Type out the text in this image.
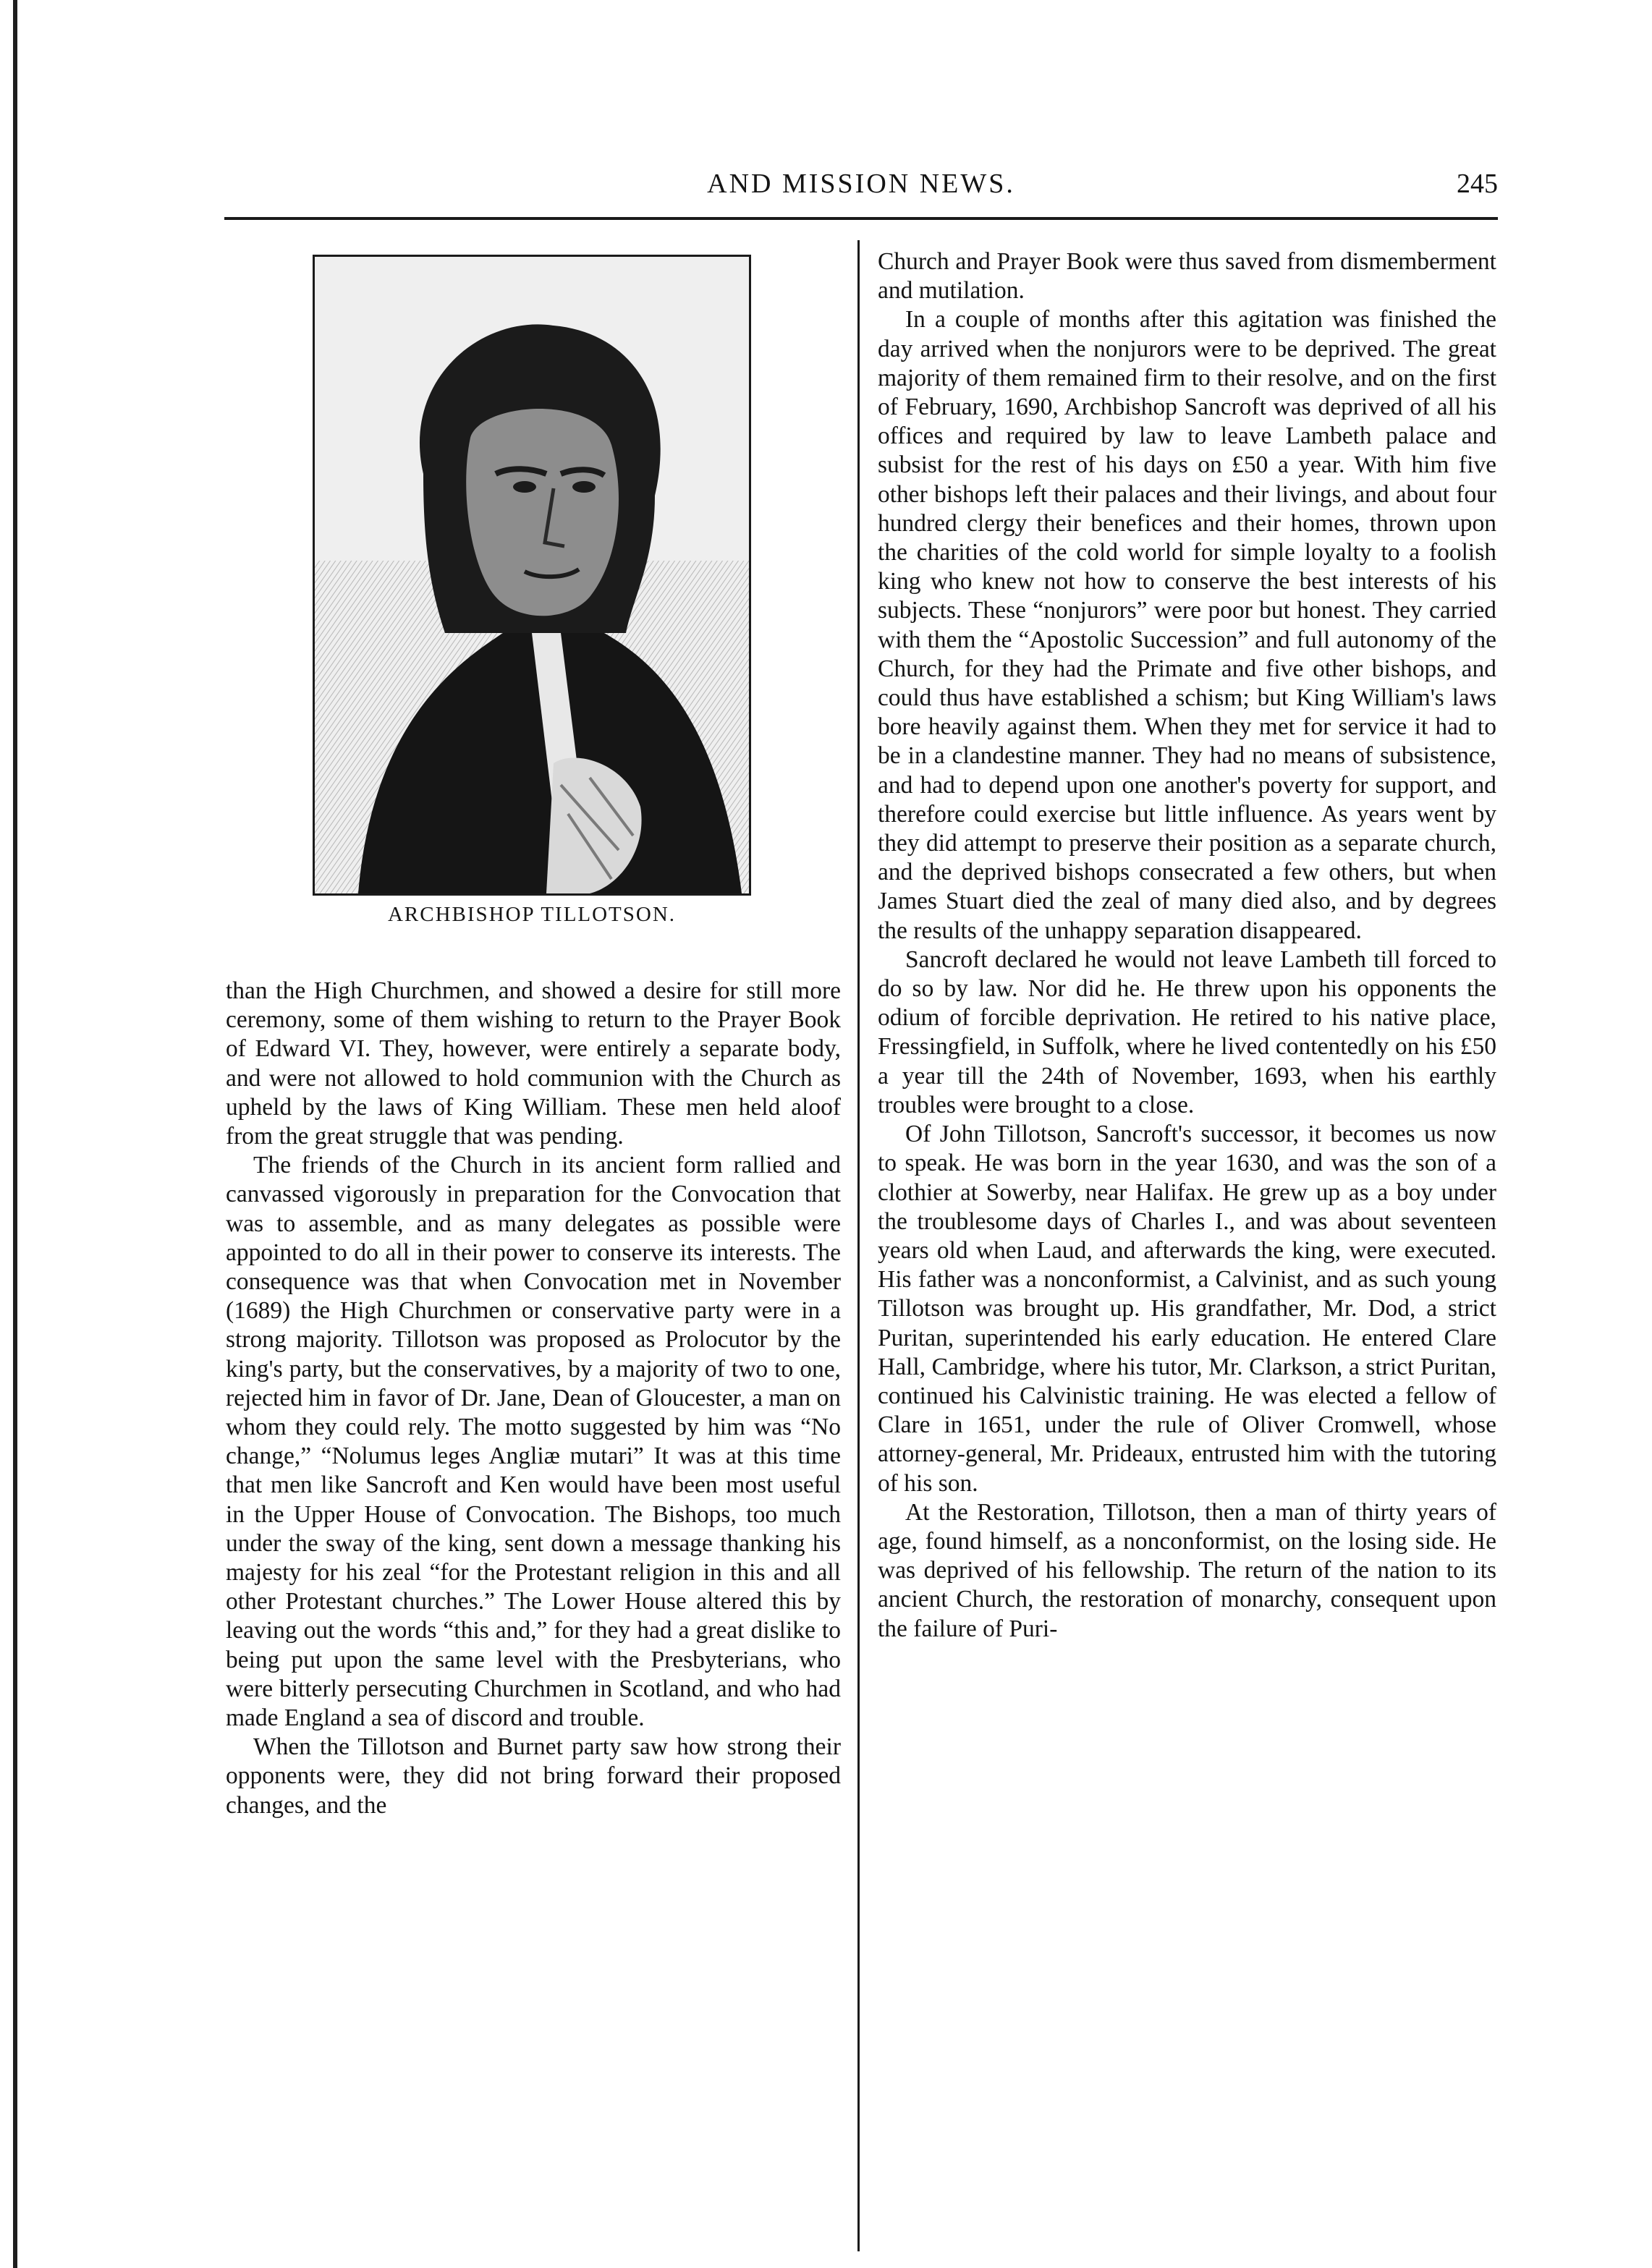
AND MISSION NEWS.	245
ARCHBISHOP TILLOTSON.

than the High Churchmen, and showed a desire for still more ceremony, some of them wishing to return to the Prayer Book of Edward VI. They, however, were entirely a separate body, and were not allowed to hold communion with the Church as upheld by the laws of King William. These men held aloof from the great struggle that was pending.

The friends of the Church in its ancient form rallied and canvassed vigorously in preparation for the Convocation that was to assemble, and as many delegates as possible were appointed to do all in their power to conserve its interests. The consequence was that when Convocation met in November (1689) the High Churchmen or conservative party were in a strong majority. Tillotson was proposed as Prolocutor by the king's party, but the conservatives, by a majority of two to one, rejected him in favor of Dr. Jane, Dean of Gloucester, a man on whom they could rely. The motto suggested by him was “No change,” “Nolumus leges Angliæ mutari” It was at this time that men like Sancroft and Ken would have been most useful in the Upper House of Convocation. The Bishops, too much under the sway of the king, sent down a message thanking his majesty for his zeal “for the Protestant religion in this and all other Protestant churches.” The Lower House altered this by leaving out the words “this and,” for they had a great dislike to being put upon the same level with the Presbyterians, who were bitterly persecuting Churchmen in Scotland, and who had made England a sea of discord and trouble.

When the Tillotson and Burnet party saw how strong their opponents were, they did not bring forward their proposed changes, and the

Church and Prayer Book were thus saved from dismemberment and mutilation.

In a couple of months after this agitation was finished the day arrived when the nonjurors were to be deprived. The great majority of them remained firm to their resolve, and on the first of February, 1690, Archbishop Sancroft was deprived of all his offices and required by law to leave Lambeth palace and subsist for the rest of his days on £50 a year. With him five other bishops left their palaces and their livings, and about four hundred clergy their benefices and their homes, thrown upon the charities of the cold world for simple loyalty to a foolish king who knew not how to conserve the best interests of his subjects. These “nonjurors” were poor but honest. They carried with them the “Apostolic Succession” and full autonomy of the Church, for they had the Primate and five other bishops, and could thus have established a schism; but King William's laws bore heavily against them. When they met for service it had to be in a clandestine manner. They had no means of subsistence, and had to depend upon one another's poverty for support, and therefore could exercise but little influence. As years went by they did attempt to preserve their position as a separate church, and the deprived bishops consecrated a few others, but when James Stuart died the zeal of many died also, and by degrees the results of the unhappy separation disappeared.

Sancroft declared he would not leave Lambeth till forced to do so by law. Nor did he. He threw upon his opponents the odium of forcible deprivation. He retired to his native place, Fressingfield, in Suffolk, where he lived contentedly on his £50 a year till the 24th of November, 1693, when his earthly troubles were brought to a close.

Of John Tillotson, Sancroft's successor, it becomes us now to speak. He was born in the year 1630, and was the son of a clothier at Sowerby, near Halifax. He grew up as a boy under the troublesome days of Charles I., and was about seventeen years old when Laud, and afterwards the king, were executed. His father was a nonconformist, a Calvinist, and as such young Tillotson was brought up. His grandfather, Mr. Dod, a strict Puritan, superintended his early education. He entered Clare Hall, Cambridge, where his tutor, Mr. Clarkson, a strict Puritan, continued his Calvinistic training. He was elected a fellow of Clare in 1651, under the rule of Oliver Cromwell, whose attorney-general, Mr. Prideaux, entrusted him with the tutoring of his son.

At the Restoration, Tillotson, then a man of thirty years of age, found himself, as a nonconformist, on the losing side. He was deprived of his fellowship. The return of the nation to its ancient Church, the restoration of monarchy, consequent upon the failure of Puri-
